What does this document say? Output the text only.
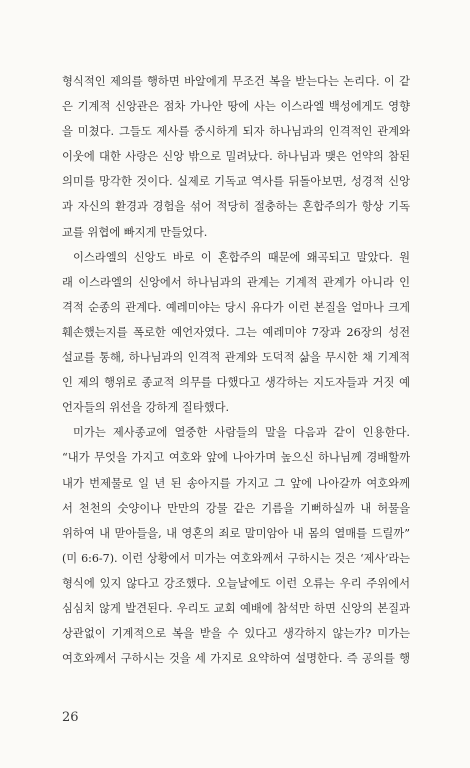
형식적인 제의를 행하면 바알에게 무조건 복을 받는다는 논리다. 이 같
은 기계적 신앙관은 점차 가나안 땅에 사는 이스라엘 백성에게도 영향
을 미쳤다. 그들도 제사를 중시하게 되자 하나님과의 인격적인 관계와
이웃에 대한 사랑은 신앙 밖으로 밀려났다. 하나님과 맺은 언약의 참된
의미를 망각한 것이다. 실제로 기독교 역사를 뒤돌아보면, 성경적 신앙
과 자신의 환경과 경험을 섞어 적당히 절충하는 혼합주의가 항상 기독
교를 위협에 빠지게 만들었다.
이스라엘의 신앙도 바로 이 혼합주의 때문에 왜곡되고 말았다. 원
래 이스라엘의 신앙에서 하나님과의 관계는 기계적 관계가 아니라 인
격적 순종의 관계다. 예레미야는 당시 유다가 이런 본질을 얼마나 크게
훼손했는지를 폭로한 예언자였다. 그는 예레미야 7장과 26장의 성전
설교를 통해, 하나님과의 인격적 관계와 도덕적 삶을 무시한 채 기계적
인 제의 행위로 종교적 의무를 다했다고 생각하는 지도자들과 거짓 예
언자들의 위선을 강하게 질타했다.
미가는 제사종교에 열중한 사람들의 말을 다음과 같이 인용한다.
“내가 무엇을 가지고 여호와 앞에 나아가며 높으신 하나님께 경배할까
내가 번제물로 일 년 된 송아지를 가지고 그 앞에 나아갈까 여호와께
서 천천의 숫양이나 만만의 강물 같은 기름을 기뻐하실까 내 허물을
위하여 내 맏아들을, 내 영혼의 죄로 말미암아 내 몸의 열매를 드릴까”
(미 6:6-7). 이런 상황에서 미가는 여호와께서 구하시는 것은 ‘제사’라는
형식에 있지 않다고 강조했다. 오늘날에도 이런 오류는 우리 주위에서
심심치 않게 발견된다. 우리도 교회 예배에 참석만 하면 신앙의 본질과
상관없이 기계적으로 복을 받을 수 있다고 생각하지 않는가? 미가는
여호와께서 구하시는 것을 세 가지로 요약하여 설명한다. 즉 공의를 행
26
